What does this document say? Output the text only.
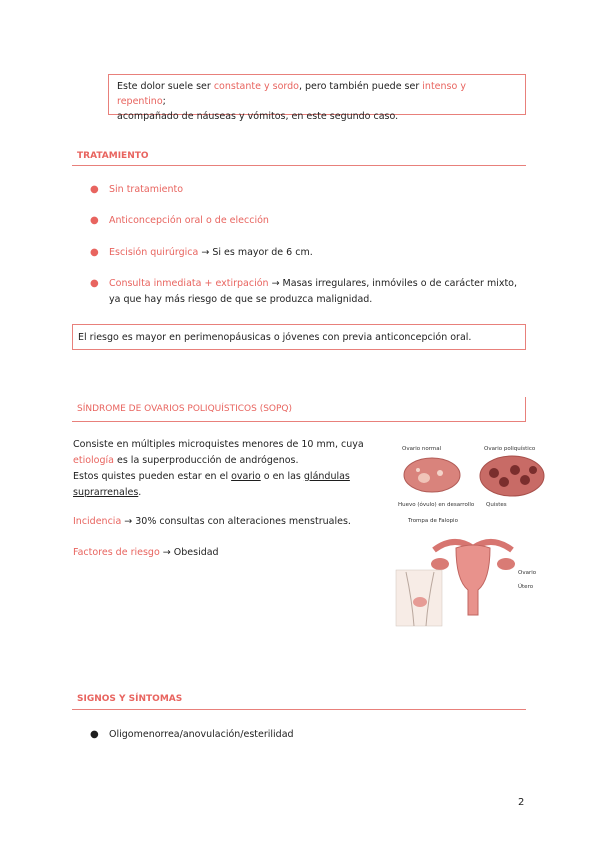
Este dolor suele ser constante y sordo, pero también puede ser intenso y repentino;
acompañado de náuseas y vómitos, en este segundo caso.
TRATAMIENTO
● Sin tratamiento
● Anticoncepción oral o de elección
● Escisión quirúrgica → Si es mayor de 6 cm.
● Consulta inmediata + extirpación → Masas irregulares, inmóviles o de carácter mixto, ya que hay más riesgo de que se produzca malignidad.
El riesgo es mayor en perimenopáusicas o jóvenes con previa anticoncepción oral.
SÍNDROME DE OVARIOS POLIQUÍSTICOS (SOPQ)
Consiste en múltiples microquistes menores de 10 mm, cuya
etiología es la superproducción de andrógenos.
Estos quistes pueden estar en el ovario o en las glándulas
suprarrenales.
Incidencia → 30% consultas con alteraciones menstruales.
Factores de riesgo → Obesidad
Ovario normal	Ovario poliquístico
Huevo (óvulo) en desarrollo Quistes
Trompa de Falopio
Ovario
Útero
SIGNOS Y SÍNTOMAS
● Oligomenorrea/anovulación/esterilidad
2
